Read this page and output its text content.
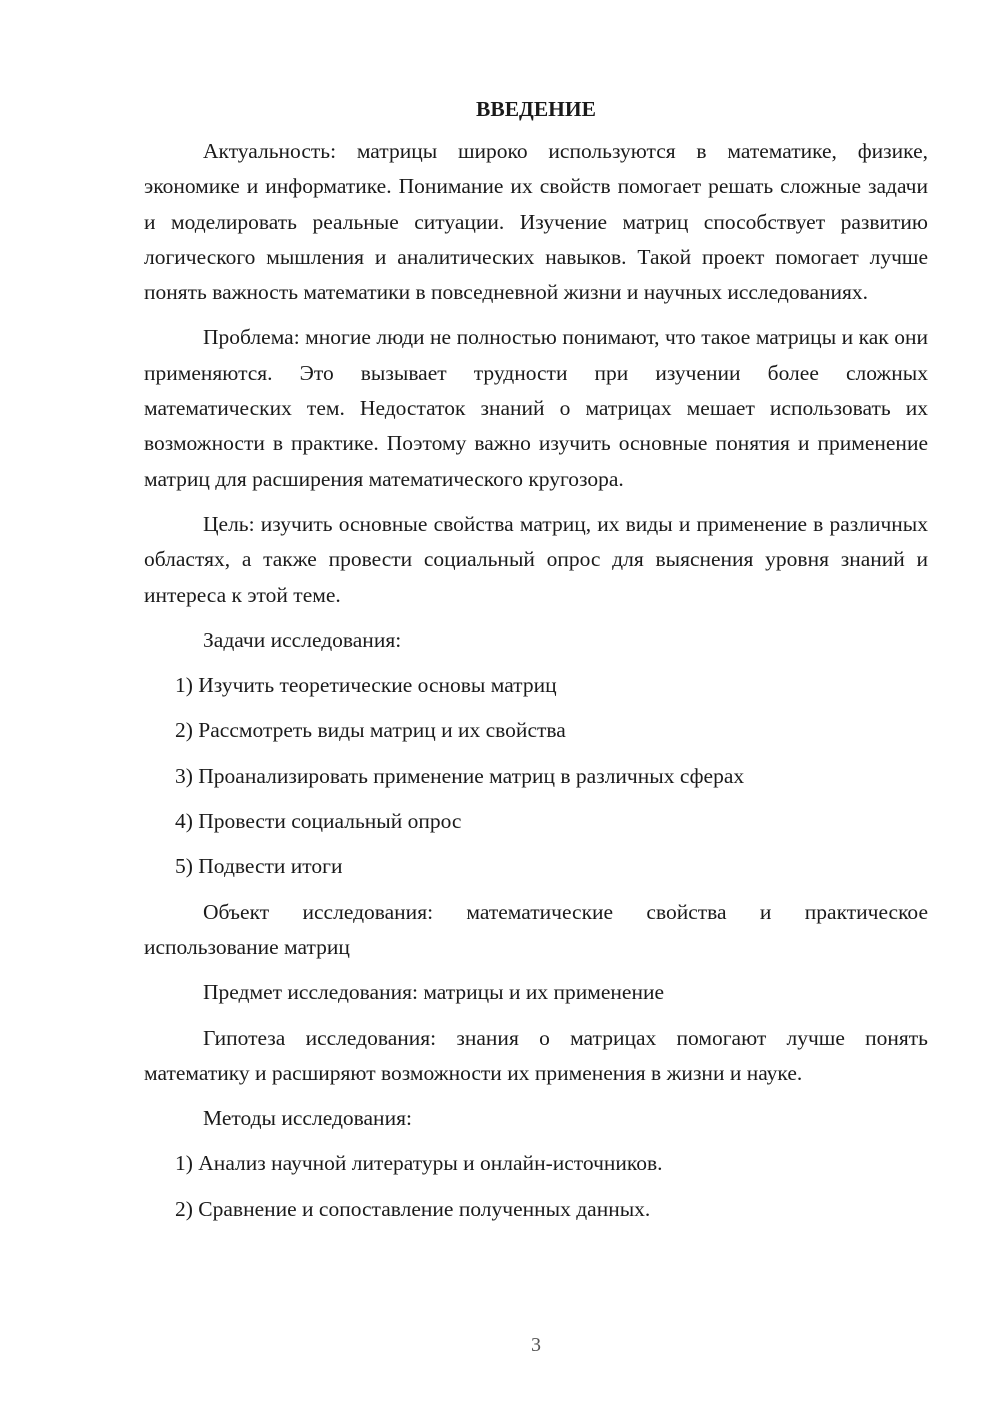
ВВЕДЕНИЕ

Актуальность: матрицы широко используются в математике, физике, экономике и информатике. Понимание их свойств помогает решать сложные задачи и моделировать реальные ситуации. Изучение матриц способствует развитию логического мышления и аналитических навыков. Такой проект помогает лучше понять важность математики в повседневной жизни и научных исследованиях.

Проблема: многие люди не полностью понимают, что такое матрицы и как они применяются. Это вызывает трудности при изучении более сложных математических тем. Недостаток знаний о матрицах мешает использовать их возможности в практике. Поэтому важно изучить основные понятия и применение матриц для расширения математического кругозора.

Цель: изучить основные свойства матриц, их виды и применение в различных областях, а также провести социальный опрос для выяснения уровня знаний и интереса к этой теме.

Задачи исследования:

1) Изучить теоретические основы матриц
2) Рассмотреть виды матриц и их свойства
3) Проанализировать применение матриц в различных сферах
4) Провести социальный опрос
5) Подвести итоги

Объект исследования: математические свойства и практическое использование матриц

Предмет исследования: матрицы и их применение

Гипотеза исследования: знания о матрицах помогают лучше понять математику и расширяют возможности их применения в жизни и науке.

Методы исследования:

1) Анализ научной литературы и онлайн-источников.
2) Сравнение и сопоставление полученных данных.
3
